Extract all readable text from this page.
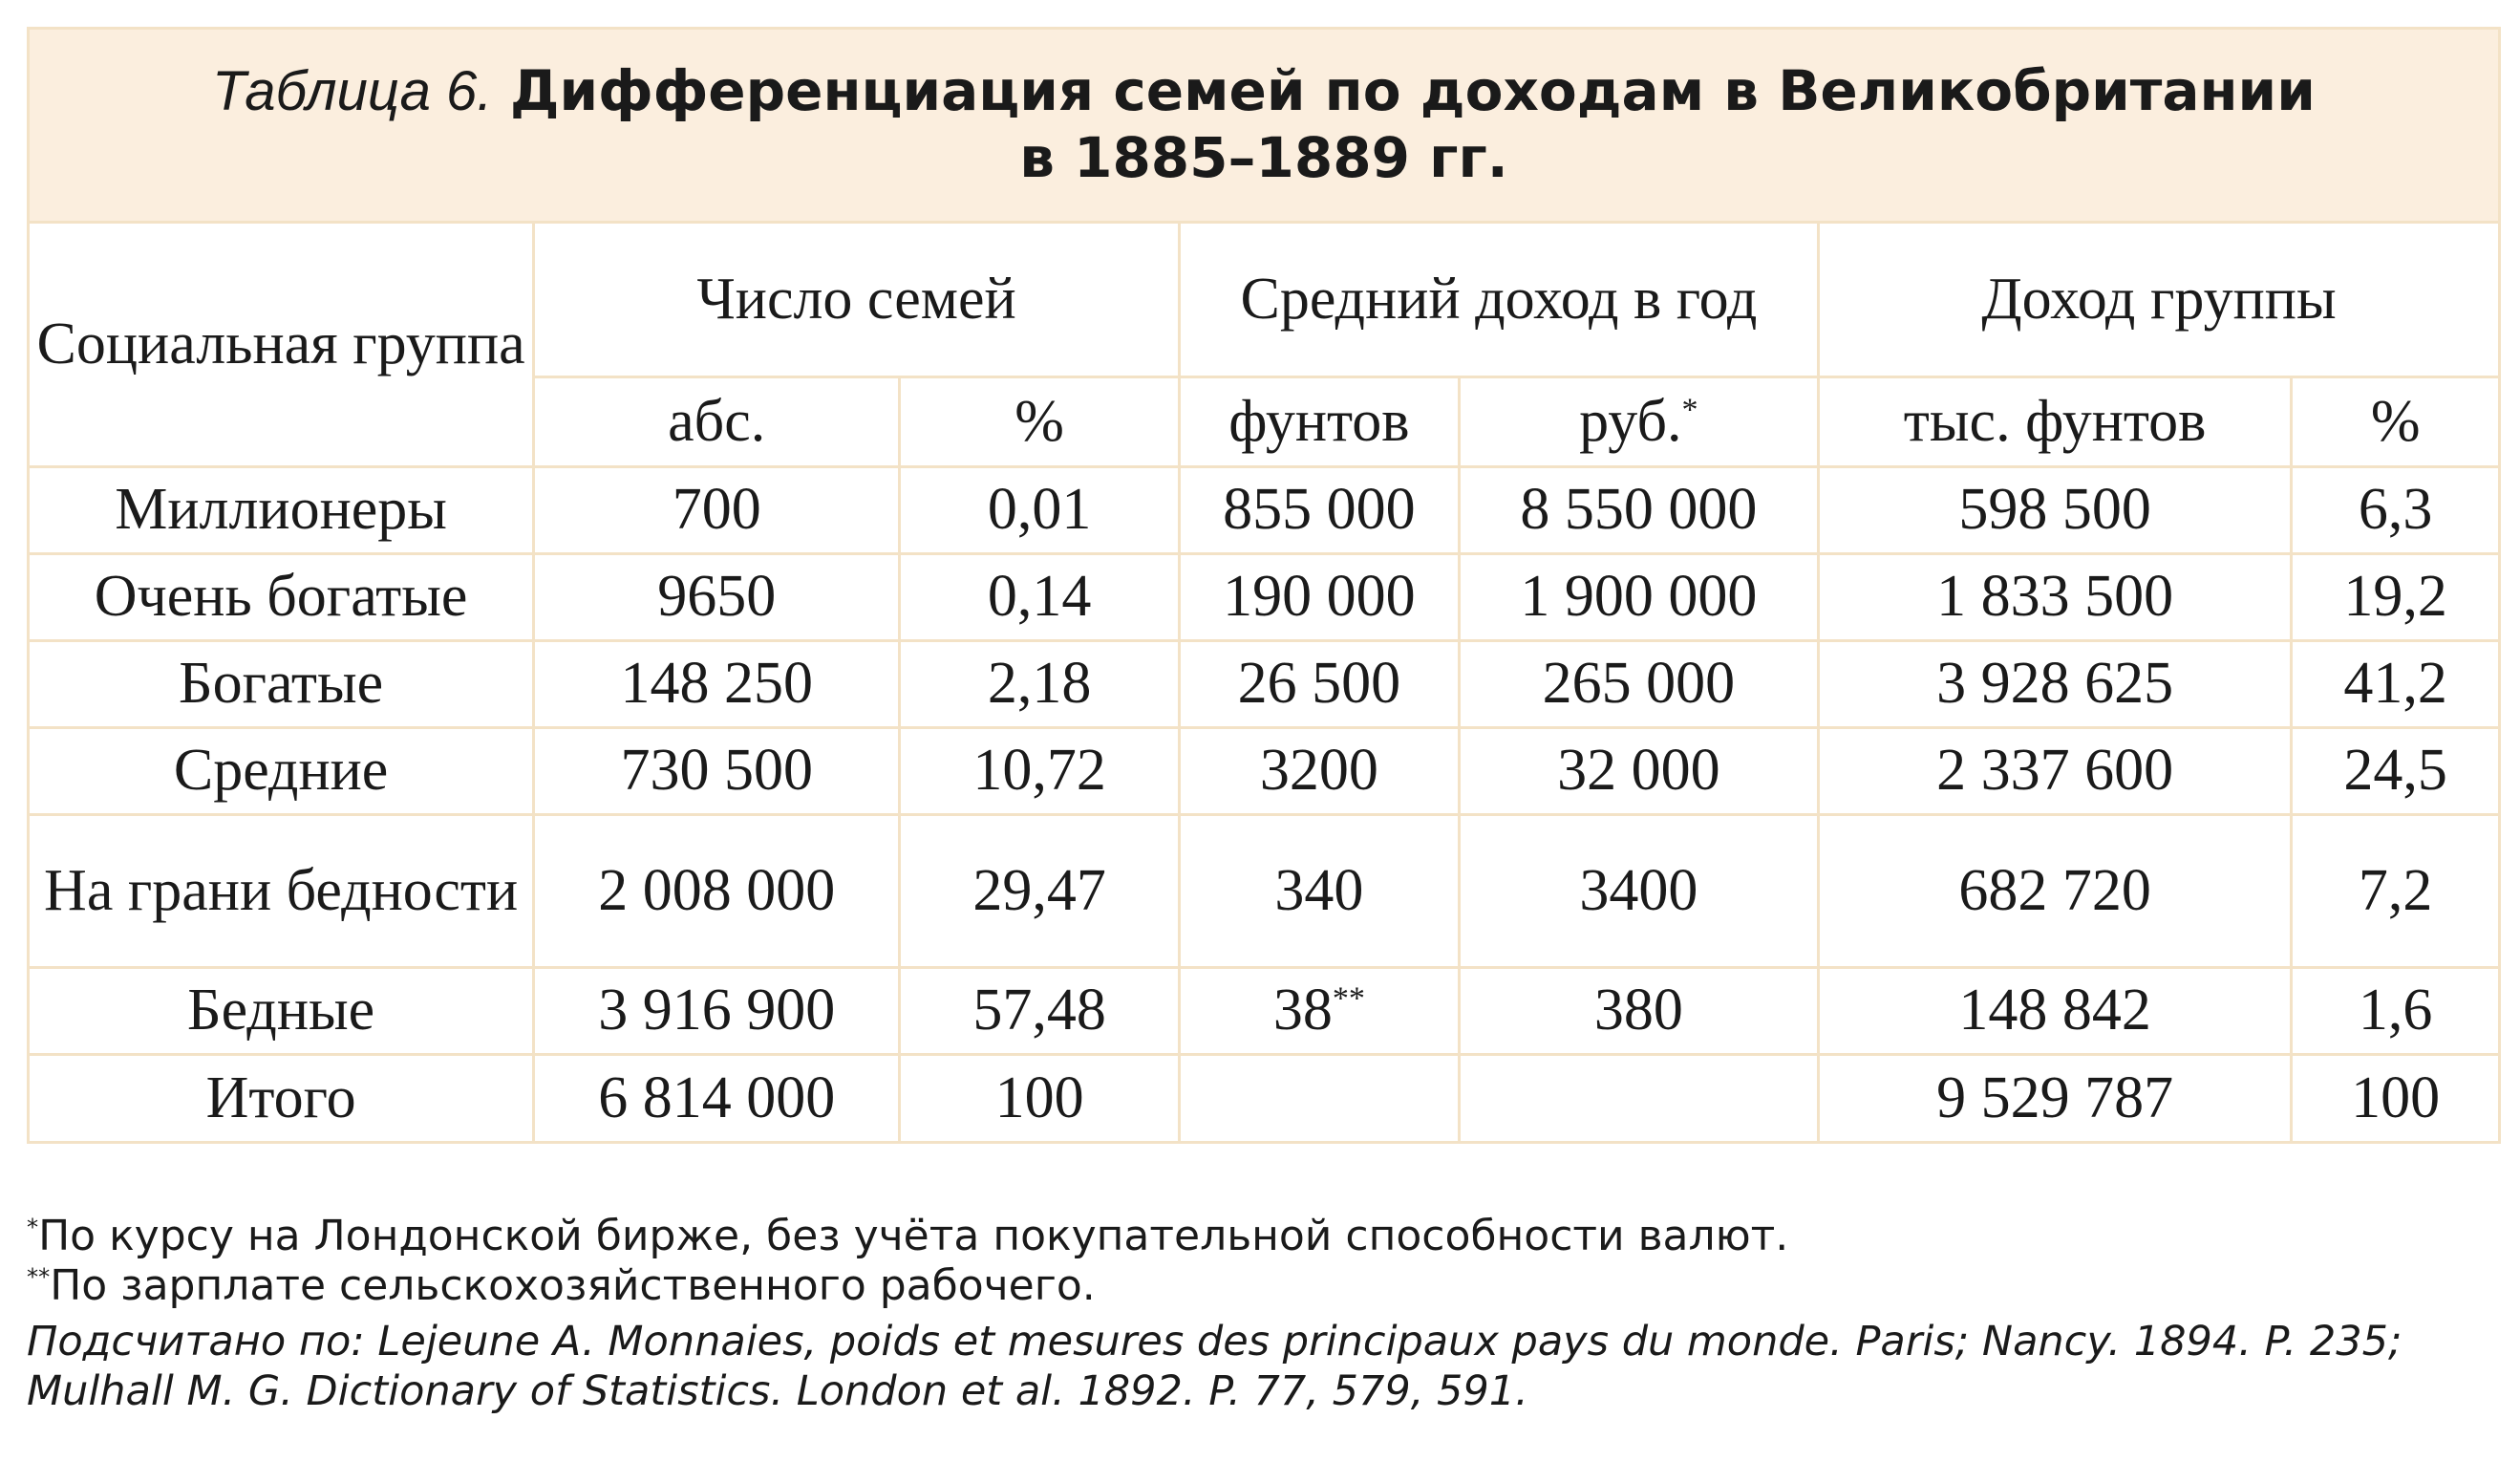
Таблица 6. Дифференциация семей по доходам в Великобритании
в 1885–1889 гг.
Социальная группа	Число семей		Средний доход в год		Доход группы	
	абс.	%	фунтов	руб.*	тыс. фунтов	%
Миллионеры	700	0,01	855 000	8 550 000	598 500	6,3
Очень богатые	9650	0,14	190 000	1 900 000	1 833 500	19,2
Богатые	148 250	2,18	26 500	265 000	3 928 625	41,2
Средние	730 500	10,72	3200	32 000	2 337 600	24,5
На грани бедности	2 008 000	29,47	340	3400	682 720	7,2
Бедные	3 916 900	57,48	38**	380	148 842	1,6
Итого	6 814 000	100			9 529 787	100

*По курсу на Лондонской бирже, без учёта покупательной способности валют.

**По зарплате сельскохозяйственного рабочего.

Подсчитано по: Lejeune A. Monnaies, poids et mesures des principaux pays du monde. Paris; Nancy. 1894. P. 235;
Mulhall M. G. Dictionary of Statistics. London et al. 1892. P. 77, 579, 591.
